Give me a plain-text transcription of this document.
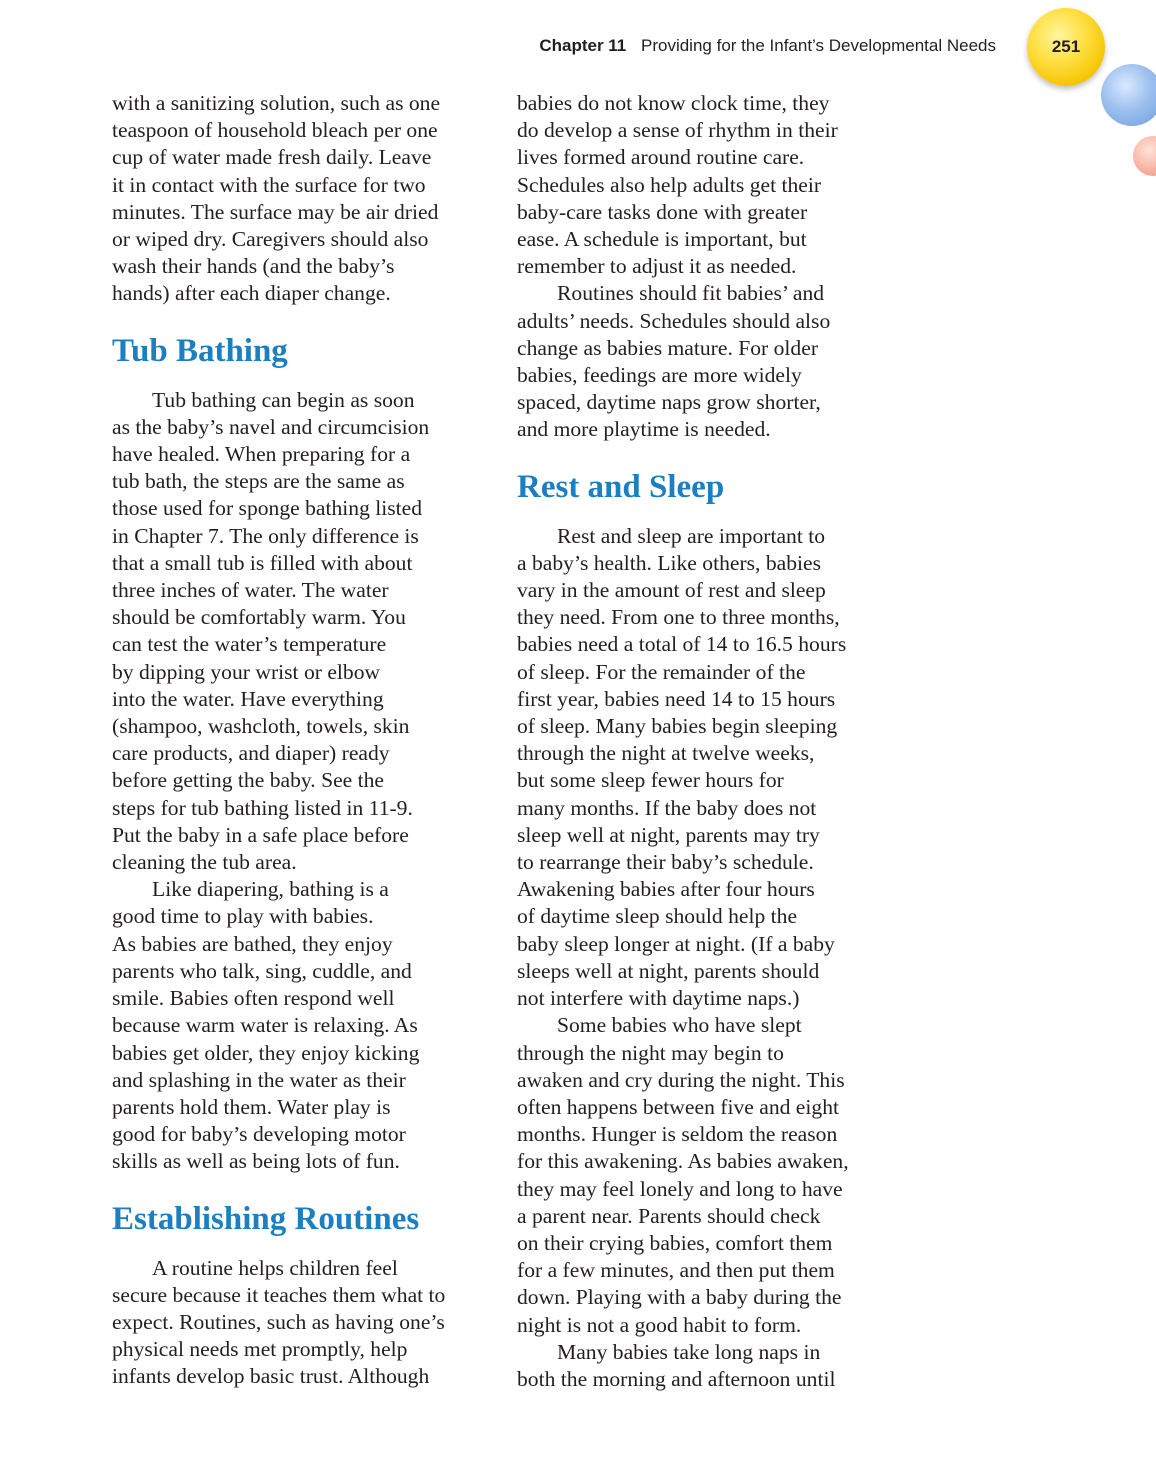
Chapter 11 Providing for the Infant’s Developmental Needs	251

with a sanitizing solution, such as one
teaspoon of household bleach per one
cup of water made fresh daily. Leave
it in contact with the surface for two
minutes. The surface may be air dried
or wiped dry. Caregivers should also
wash their hands (and the baby’s
hands) after each diaper change.

Tub Bathing

Tub bathing can begin as soon
as the baby’s navel and circumcision
have healed. When preparing for a
tub bath, the steps are the same as
those used for sponge bathing listed
in Chapter 7. The only difference is
that a small tub is filled with about
three inches of water. The water
should be comfortably warm. You
can test the water’s temperature
by dipping your wrist or elbow
into the water. Have everything
(shampoo, washcloth, towels, skin
care products, and diaper) ready
before getting the baby. See the
steps for tub bathing listed in 11-9.
Put the baby in a safe place before
cleaning the tub area.

Like diapering, bathing is a
good time to play with babies.
As babies are bathed, they enjoy
parents who talk, sing, cuddle, and
smile. Babies often respond well
because warm water is relaxing. As
babies get older, they enjoy kicking
and splashing in the water as their
parents hold them. Water play is
good for baby’s developing motor
skills as well as being lots of fun.

Establishing Routines

A routine helps children feel
secure because it teaches them what to
expect. Routines, such as having one’s
physical needs met promptly, help
infants develop basic trust. Although

babies do not know clock time, they
do develop a sense of rhythm in their
lives formed around routine care.
Schedules also help adults get their
baby-care tasks done with greater
ease. A schedule is important, but
remember to adjust it as needed.

Routines should fit babies’ and
adults’ needs. Schedules should also
change as babies mature. For older
babies, feedings are more widely
spaced, daytime naps grow shorter,
and more playtime is needed.

Rest and Sleep

Rest and sleep are important to
a baby’s health. Like others, babies
vary in the amount of rest and sleep
they need. From one to three months,
babies need a total of 14 to 16.5 hours
of sleep. For the remainder of the
first year, babies need 14 to 15 hours
of sleep. Many babies begin sleeping
through the night at twelve weeks,
but some sleep fewer hours for
many months. If the baby does not
sleep well at night, parents may try
to rearrange their baby’s schedule.
Awakening babies after four hours
of daytime sleep should help the
baby sleep longer at night. (If a baby
sleeps well at night, parents should
not interfere with daytime naps.)

Some babies who have slept
through the night may begin to
awaken and cry during the night. This
often happens between five and eight
months. Hunger is seldom the reason
for this awakening. As babies awaken,
they may feel lonely and long to have
a parent near. Parents should check
on their crying babies, comfort them
for a few minutes, and then put them
down. Playing with a baby during the
night is not a good habit to form.

Many babies take long naps in
both the morning and afternoon until
